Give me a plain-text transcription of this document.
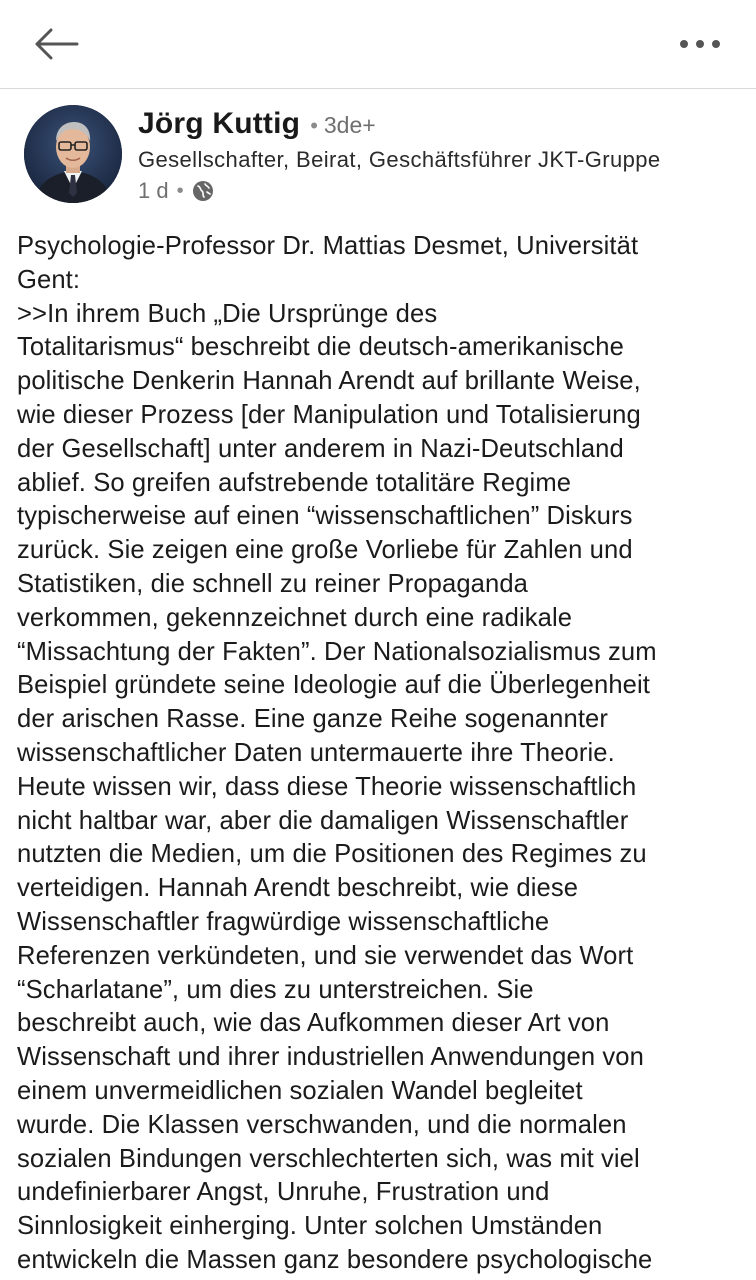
Jörg Kuttig • 3de+
Gesellschafter, Beirat, Geschäftsführer JKT-Gruppe
1 d •
Psychologie-Professor Dr. Mattias Desmet, Universität
Gent:
>>In ihrem Buch „Die Ursprünge des
Totalitarismus“ beschreibt die deutsch-amerikanische
politische Denkerin Hannah Arendt auf brillante Weise,
wie dieser Prozess [der Manipulation und Totalisierung
der Gesellschaft] unter anderem in Nazi-Deutschland
ablief. So greifen aufstrebende totalitäre Regime
typischerweise auf einen “wissenschaftlichen” Diskurs
zurück. Sie zeigen eine große Vorliebe für Zahlen und
Statistiken, die schnell zu reiner Propaganda
verkommen, gekennzeichnet durch eine radikale
“Missachtung der Fakten”. Der Nationalsozialismus zum
Beispiel gründete seine Ideologie auf die Überlegenheit
der arischen Rasse. Eine ganze Reihe sogenannter
wissenschaftlicher Daten untermauerte ihre Theorie.
Heute wissen wir, dass diese Theorie wissenschaftlich
nicht haltbar war, aber die damaligen Wissenschaftler
nutzten die Medien, um die Positionen des Regimes zu
verteidigen. Hannah Arendt beschreibt, wie diese
Wissenschaftler fragwürdige wissenschaftliche
Referenzen verkündeten, und sie verwendet das Wort
“Scharlatane”, um dies zu unterstreichen. Sie
beschreibt auch, wie das Aufkommen dieser Art von
Wissenschaft und ihrer industriellen Anwendungen von
einem unvermeidlichen sozialen Wandel begleitet
wurde. Die Klassen verschwanden, und die normalen
sozialen Bindungen verschlechterten sich, was mit viel
undefinierbarer Angst, Unruhe, Frustration und
Sinnlosigkeit einherging. Unter solchen Umständen
entwickeln die Massen ganz besondere psychologische
